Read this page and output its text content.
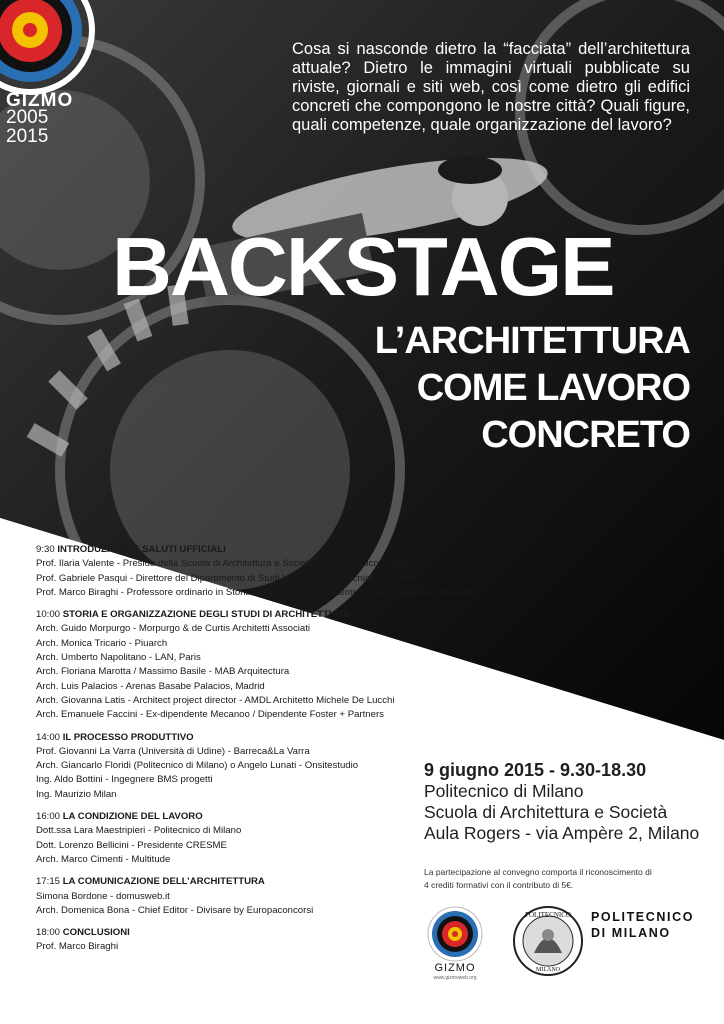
GIZMO
2005
2015
Cosa si nasconde dietro la “facciata” dell’architettura attuale? Dietro le immagini virtuali pubblicate su riviste, giornali e siti web, così come dietro gli edifici concreti che compongono le nostre città? Quali figure, quali competenze, quale organizzazione del lavoro?
BACKSTAGE
L’ARCHITETTURA
COME LAVORO
CONCRETO
9:30 INTRODUZIONE E SALUTI UFFICIALI
Prof. Ilaria Valente - Preside della Scuola di Architettura e Società del Politecnico di Milano
Prof. Gabriele Pasqui - Direttore del Dipartimento di Studi Urbani del Politecnico di Milano
Prof. Marco Biraghi - Professore ordinario in Storia dell’architettura contemporanea e direttore di Gizmo
10:00 STORIA E ORGANIZZAZIONE DEGLI STUDI DI ARCHITETTURA
Arch. Guido Morpurgo - Morpurgo & de Curtis Architetti Associati
Arch. Monica Tricario - Piuarch
Arch. Umberto Napolitano - LAN, Paris
Arch. Floriana Marotta / Massimo Basile - MAB Arquitectura
Arch. Luis Palacios - Arenas Basabe Palacios, Madrid
Arch. Giovanna Latis - Architect project director - AMDL Architetto Michele De Lucchi
Arch. Emanuele Faccini - Ex-dipendente Mecanoo / Dipendente Foster + Partners
14:00 IL PROCESSO PRODUTTIVO
Prof. Giovanni La Varra (Università di Udine) - Barreca&La Varra
Arch. Giancarlo Floridi (Politecnico di Milano) o Angelo Lunati - Onsitestudio
Ing. Aldo Bottini - Ingegnere BMS progetti
Ing. Maurizio Milan
16:00 LA CONDIZIONE DEL LAVORO
Dott.ssa Lara Maestripieri - Politecnico di Milano
Dott. Lorenzo Bellicini - Presidente CRESME
Arch. Marco Cimenti - Multitude
17:15 LA COMUNICAZIONE DELL’ARCHITETTURA
Simona Bordone - domusweb.it
Arch. Domenica Bona - Chief Editor - Divisare by Europaconcorsi
18:00 CONCLUSIONI
Prof. Marco Biraghi
9 giugno 2015 - 9.30-18.30
Politecnico di Milano
Scuola di Architettura e Società
Aula Rogers - via Ampère 2, Milano
La partecipazione al convegno comporta il riconoscimento di
4 crediti formativi con il contributo di 5€.
GIZMO
www.gizmoweb.org
POLITECNICO
MILANO
POLITECNICO
DI MILANO
